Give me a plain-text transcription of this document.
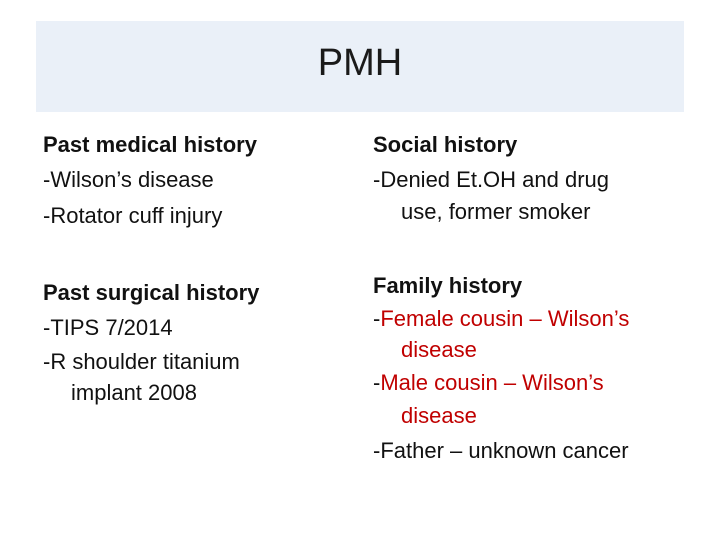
PMH
Past medical history
-Wilson’s disease
-Rotator cuff injury
Past surgical history
-TIPS 7/2014
-R shoulder titanium
implant 2008
Social history
-Denied Et.OH and drug
use, former smoker
Family history
-Female cousin – Wilson’s
disease
-Male cousin – Wilson’s
disease
-Father – unknown cancer
